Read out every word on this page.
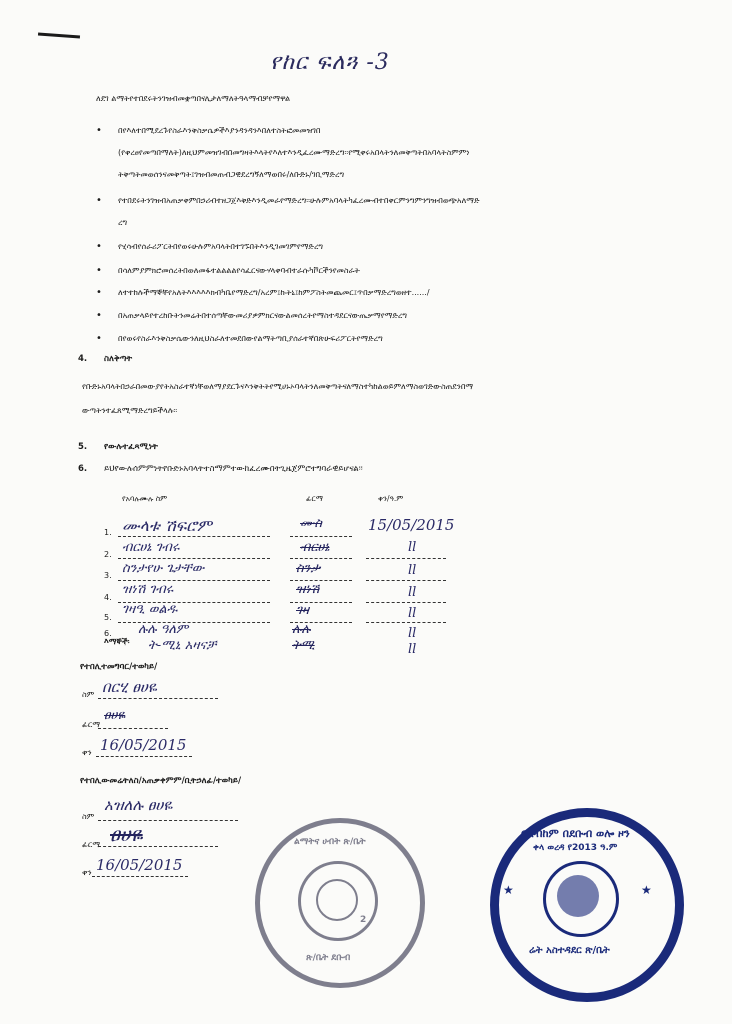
የከር ፍለጓ -3
ለደገ ልማትየተበደሩትንገዝብመቋጣበናሊታለማለትዓላማብቻየማዋል
• በየእለተበሚደረጉየስራእንቅስቃሴዎችእያንዳንዳንእበለተስትፎመመዝገበ
(የቀረፀየመጣበማለት)ለዚህምመዝገብበመግዛትእላትየእለተእንዲፈረሙማድረግ፡፡የሚቀሩአበላትንለመቅጣትበአባላትስምምነ
ትቅጣትመወሰንናመቅጣት፤ገዝብመጠብጋዊደረግኝለማወበሩ/ለቡድኑ/ገቢማድረግ
• የተበደሩትንገዝብአጠቃቀምበኃሪብተዘጋጀእቅድእንዲመራየማድረግ፡፡ሁሉምአባላትካፈረሙብተበቀርምንግምንግዝብወጭአለማድ
ረግ
• የሂሳብየሰራሪፖርትበየወሩሁሉምአባላትበተገኙበትእንዲገመገምየማድረግ
• በሳለምያምክሮመሰረትበወለመፋተልልልልየሳፈርናውሃላቀባብተራሱካቮርችንየመስራት
• ለተተከሉችማኞቸየአለትእእእእእክብካቤየማድረግ/አረም፤ኩትኒ፤ከምፖስትመጨመር፤ጥበቃማድረግወዘተ....../
• በአጠቃላይየተረከቡትንመሬትበተሰጣቸውመሪያዎምክርናውልመሰረትየማስተዳደርናውጤቃማየማድረግ
• በየወሩየስራእንቅስቃሴውንለዚህስራለተመደበውየልማትጣቢያሰራተኛበጽሁፍሪፖርትየማድረግ
4. ስለቅጣት
የቡድኑአባላትበኃራበመውያየትአስራተኛነቸወለማያደርጉናእንቅትትየሚሀኑኦባላትንለመቅጣትናለማስተካከልወይምለማስወገድውስጠደንበማ
ውጣትንተፈጸሚማድረግይችላሉ፡፡
5. የውሉተፈጻሚነት
6. ይህየውሉሰምምነትየቡድኑአባላትተስማምተውከፈረሙበትጊዜጀምሮተግባራዊይሆናል፡፡
የአባሉሙሉ ስም	ፊርማ	ቀን/ዓ.ም
1. ሙላቱ ሽፍሮም	ሙስ	15/05/2015
2. ብርሀኔ ገብሩ	ብርሀኔ	ll
3. ስንታየሁ ጌታቸው	ስንታ	ll
4.
ዝነሽ ገብሩ	ዝነሽ	ll
5.
ገዛዒ ወልዱ	ገዛ	ll
6. ሉሉ ዓለም	ሉሉ	ll
እማኞች፡ ት-ሚኒ አዛናቻ	ትሚ	ll
የተበሊተመግባር/ተወካይ/
ስም በርሂ ፀሀዬ
ፊርማ
ፀሀዬ
ቀን 16/05/2015
የተበሊውመሬትለስ/አጠቃቀምም/ቢትኃለፊ/ተወካይ/
ስም
አዝለሉ ፀሀዬ
ፊርማ ፀሀዬ
ቀን 16/05/2015
ልማትና ሀብት ጽ/ቤት
2
ጽ/ቤት ደቡብ
በአብከም በደቡብ ወሎ ዞን
ቀላ ወረዳ የ2013 ዓ.ም
ሬት አስተዳደር ጽ/ቤት
★	★
